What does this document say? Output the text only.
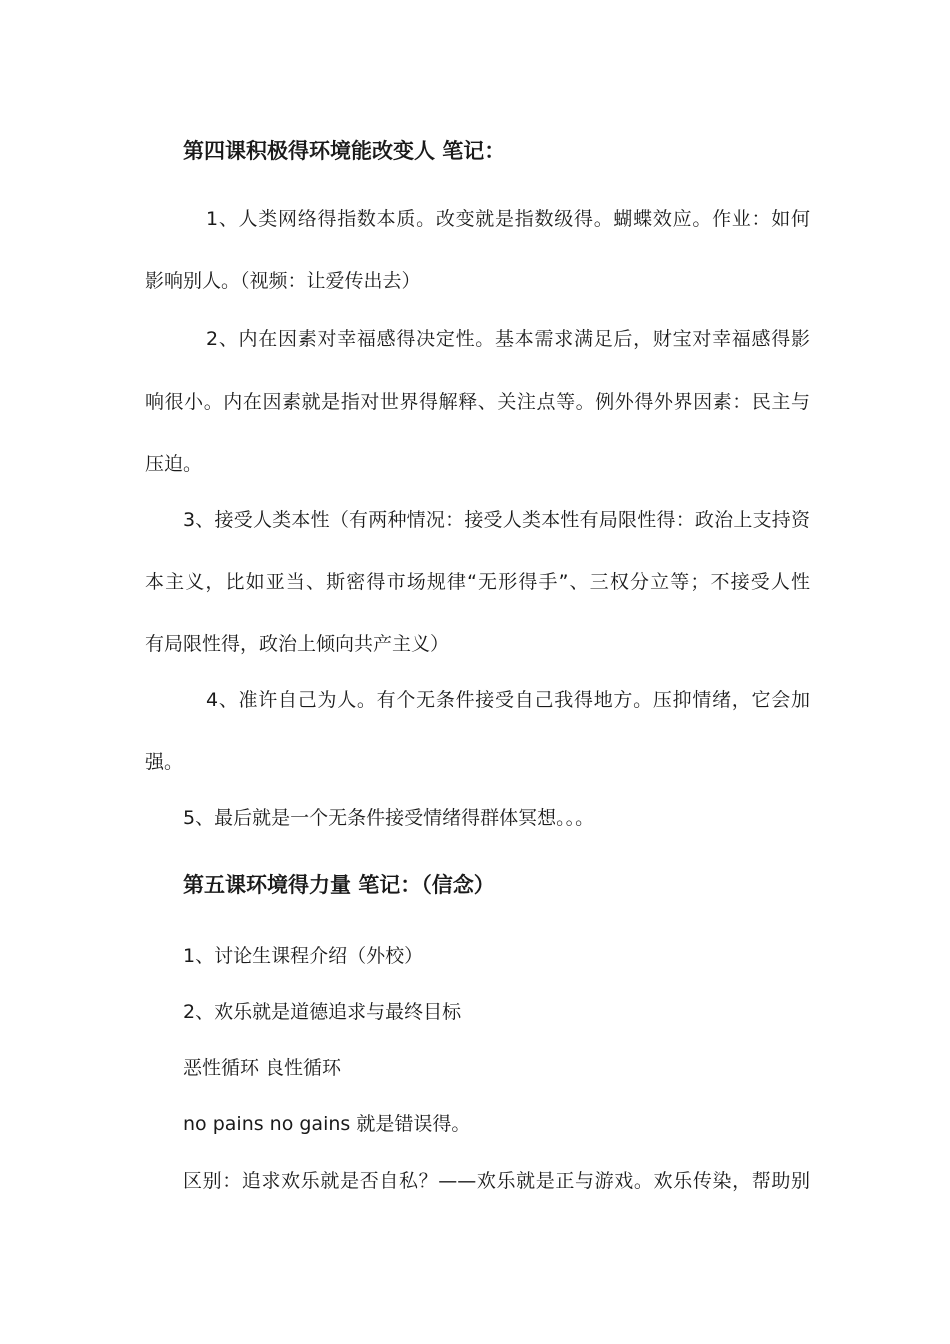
第四课积极得环境能改变人 笔记：
1、人类网络得指数本质。改变就是指数级得。蝴蝶效应。作业：如何
影响别人。（视频：让爱传出去）
2、内在因素对幸福感得决定性。基本需求满足后，财宝对幸福感得影
响很小。内在因素就是指对世界得解释、关注点等。例外得外界因素：民主与
压迫。
3、接受人类本性（有两种情况：接受人类本性有局限性得：政治上支持资
本主义，比如亚当、斯密得市场规律“无形得手”、三权分立等；不接受人性
有局限性得，政治上倾向共产主义）
4、准许自己为人。有个无条件接受自己我得地方。压抑情绪，它会加
强。
5、最后就是一个无条件接受情绪得群体冥想。。。
第五课环境得力量 笔记：（信念）
1、讨论生课程介绍（外校）
2、欢乐就是道德追求与最终目标
恶性循环 良性循环
no pains no gains 就是错误得。
区别：追求欢乐就是否自私？——欢乐就是正与游戏。欢乐传染，帮助别
